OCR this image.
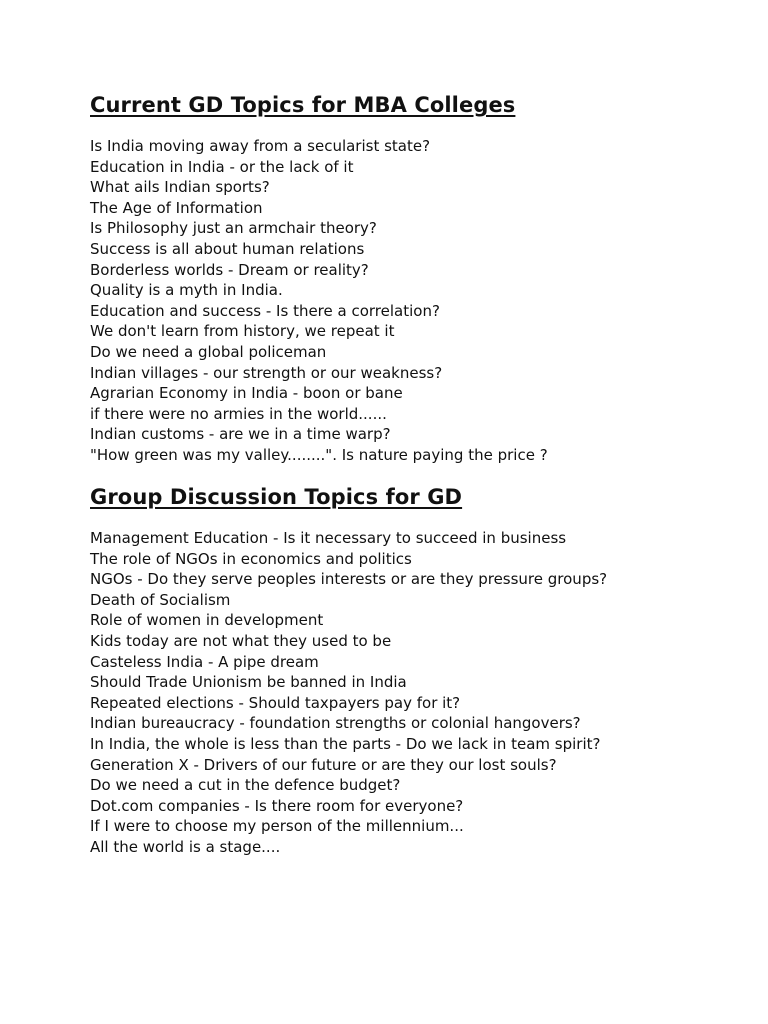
Current GD Topics for MBA Colleges
Is India moving away from a secularist state?
Education in India - or the lack of it
What ails Indian sports?
The Age of Information
Is Philosophy just an armchair theory?
Success is all about human relations
Borderless worlds - Dream or reality?
Quality is a myth in India.
Education and success - Is there a correlation?
We don't learn from history, we repeat it
Do we need a global policeman
Indian villages - our strength or our weakness?
Agrarian Economy in India - boon or bane
if there were no armies in the world......
Indian customs - are we in a time warp?
"How green was my valley........". Is nature paying the price ?
Group Discussion Topics for GD
Management Education - Is it necessary to succeed in business
The role of NGOs in economics and politics
NGOs - Do they serve peoples interests or are they pressure groups?
Death of Socialism
Role of women in development
Kids today are not what they used to be
Casteless India - A pipe dream
Should Trade Unionism be banned in India
Repeated elections - Should taxpayers pay for it?
Indian bureaucracy - foundation strengths or colonial hangovers?
In India, the whole is less than the parts - Do we lack in team spirit?
Generation X - Drivers of our future or are they our lost souls?
Do we need a cut in the defence budget?
Dot.com companies - Is there room for everyone?
If I were to choose my person of the millennium...
All the world is a stage....
